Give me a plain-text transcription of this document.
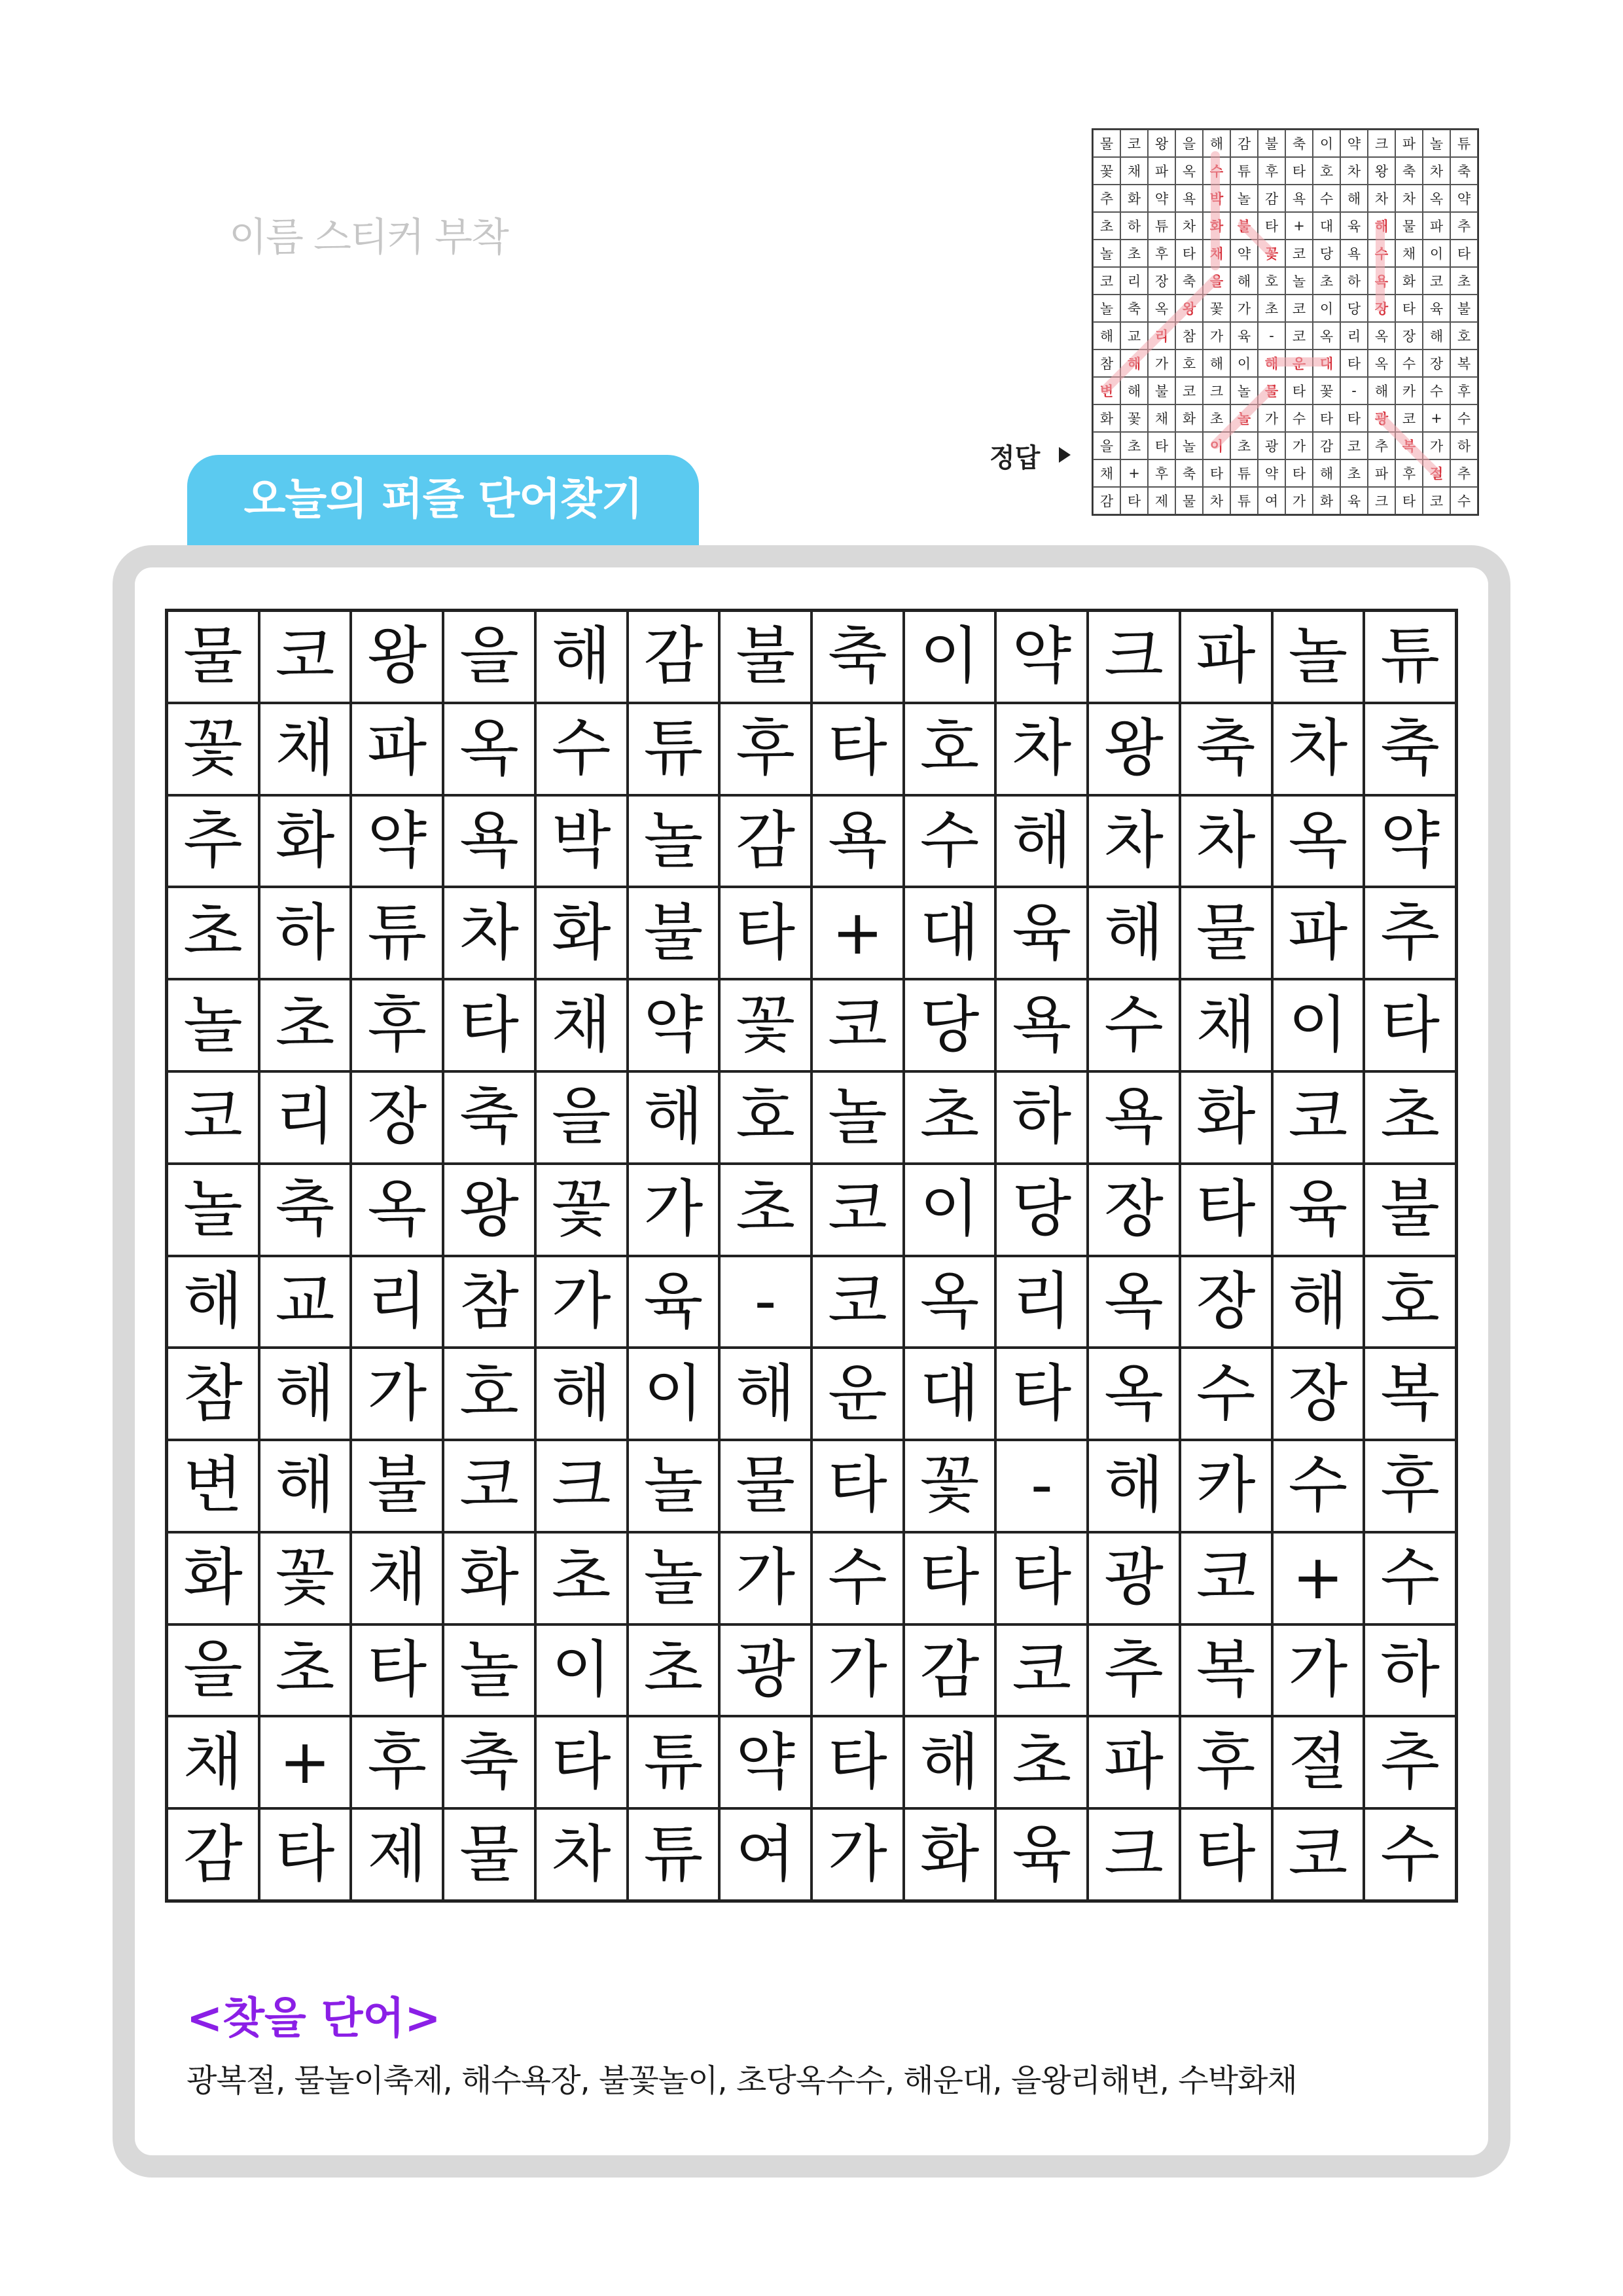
이름 스티커 부착
정답
물	코	왕	을	해	감	불	축	이	약	크	파	놀	튜
꽃	채	파	옥	수	튜	후	타	호	차	왕	축	차	축
추	화	약	욕	박	놀	감	욕	수	해	차	차	옥	약
초	하	튜	차	화	불	타	+	대	육	해	물	파	추
놀	초	후	타	채	약	꽃	코	당	욕	수	채	이	타
코	리	장	축	을	해	호	놀	초	하	욕	화	코	초
놀	축	옥	왕	꽃	가	초	코	이	당	장	타	육	불
해	교	리	참	가	육	-	코	옥	리	옥	장	해	호
참	해	가	호	해	이	해	운	대	타	옥	수	장	복
변	해	불	코	크	놀	물	타	꽃	-	해	카	수	후
화	꽃	채	화	초	놀	가	수	타	타	광	코	+	수
을	초	타	놀	이	초	광	가	감	코	추	복	가	하
채	+	후	축	타	튜	약	타	해	초	파	후	절	추
감	타	제	물	차	튜	여	가	화	육	크	타	코	수
오늘의 퍼즐 단어찾기
물 코 왕 을 해 감 불 축 이 약 크 파 놀 튜
꽃 채 파 옥 수 튜 후 타 호 차 왕 축 차 축
추 화 약 욕 박 놀 감 욕 수 해 차 차 옥 약
초 하 튜 차 화 불 타 + 대 육 해 물 파 추
놀 초 후 타 채 약 꽃 코 당 욕 수 채 이 타
코 리 장 축 을 해 호 놀 초 하 욕 화 코 초
놀 축 옥 왕 꽃 가 초 코 이 당 장 타 육 불
해 교 리 참 가 육 - 코 옥 리 옥 장 해 호
참 해 가 호 해 이 해 운 대 타 옥 수 장 복
변 해 불 코 크 놀 물 타 꽃 - 해 카 수 후
화 꽃 채 화 초 놀 가 수 타 타 광 코 + 수
을 초 타 놀 이 초 광 가 감 코 추 복 가 하
채 + 후 축 타 튜 약 타 해 초 파 후 절 추
감 타 제 물 차 튜 여 가 화 육 크 타 코 수
<찾을 단어>
광복절, 물놀이축제, 해수욕장, 불꽃놀이, 초당옥수수, 해운대, 을왕리해변, 수박화채
